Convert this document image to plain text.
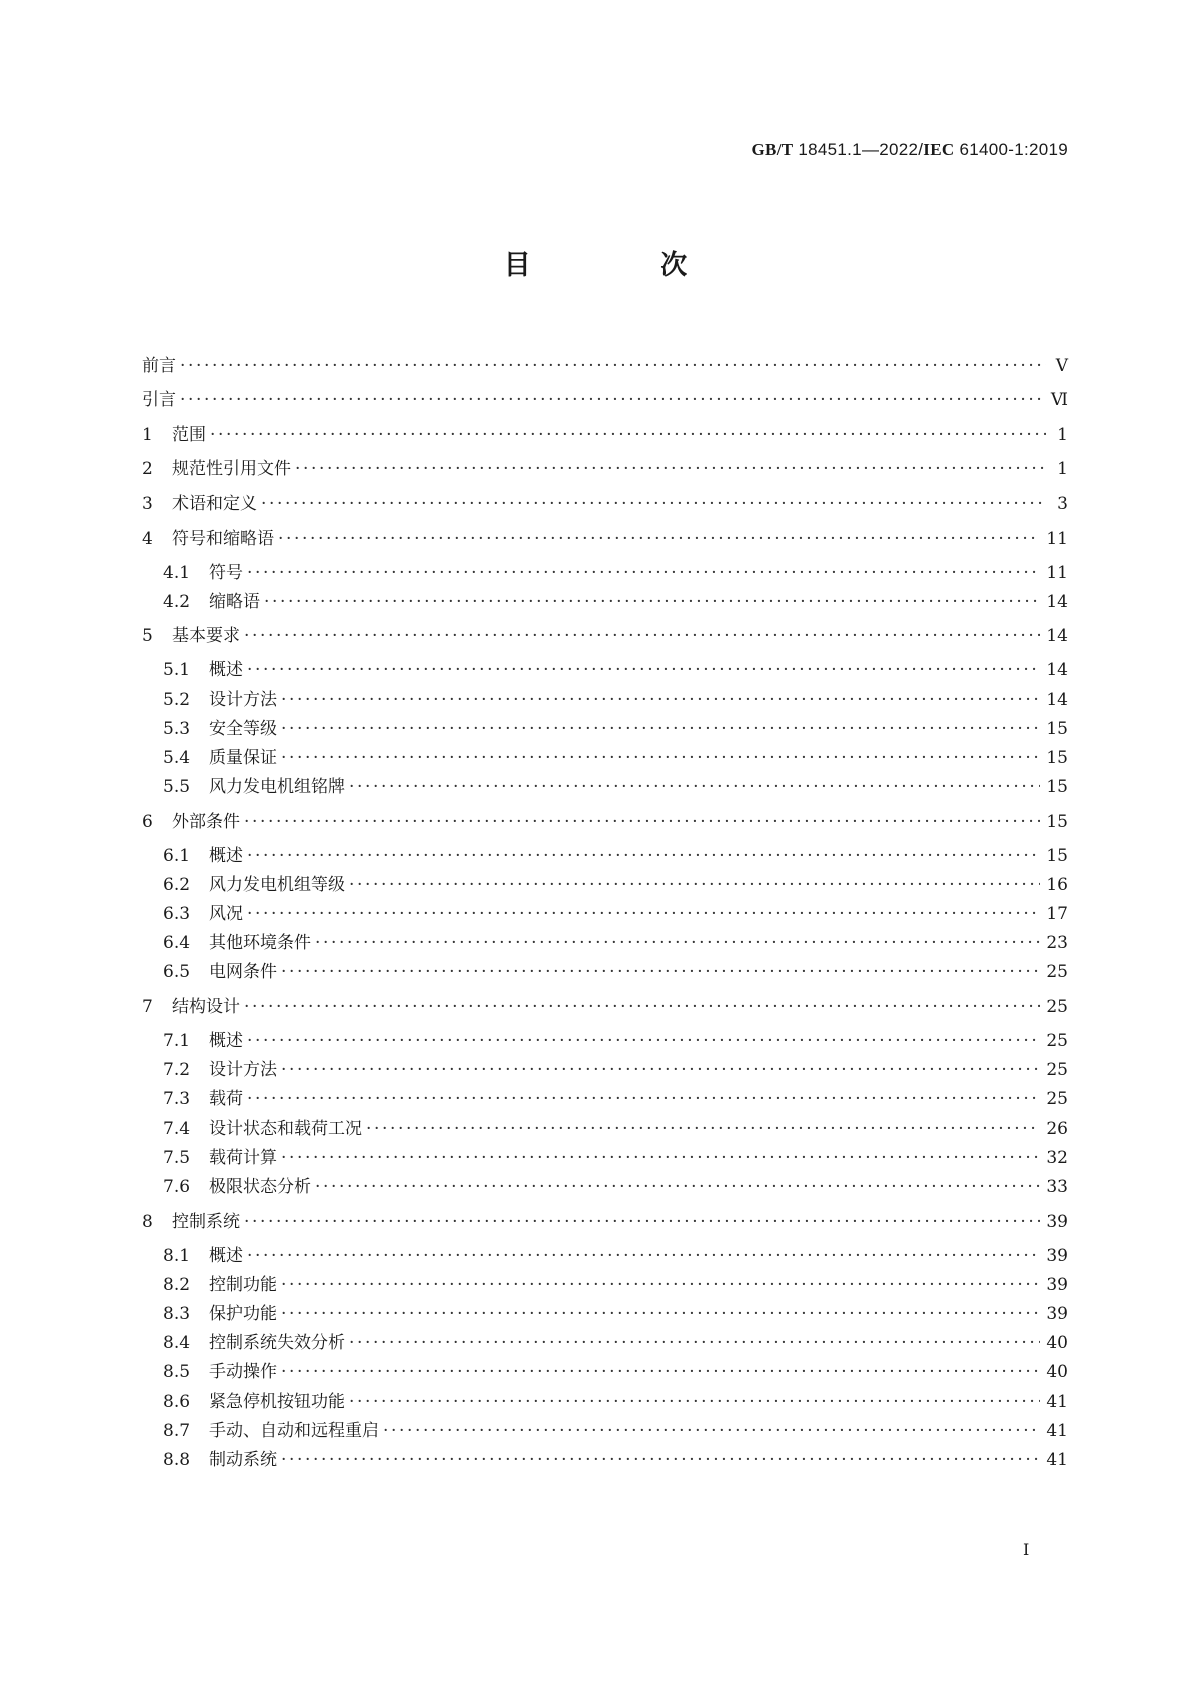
GB/T 18451.1—2022/IEC 61400-1:2019
目 次
前言 ·····	Ⅴ
引言 ·····	Ⅵ
1	范围 ·····	1
2	规范性引用文件 ·····	1
3	术语和定义 ·····	3
4	符号和缩略语 ·····	11
4.1	符号 ·····	11
4.2	缩略语 ·····	14
5	基本要求 ·····	14
5.1	概述 ·····	14
5.2	设计方法 ·····	14
5.3	安全等级 ·····	15
5.4	质量保证 ·····	15
5.5	风力发电机组铭牌 ·····	15
6	外部条件 ·····	15
6.1	概述 ·····	15
6.2	风力发电机组等级 ·····	16
6.3	风况 ·····	17
6.4	其他环境条件 ·····	23
6.5	电网条件 ·····	25
7	结构设计 ·····	25
7.1	概述 ·····	25
7.2	设计方法 ·····	25
7.3	载荷 ·····	25
7.4	设计状态和载荷工况 ·····	26
7.5	载荷计算 ·····	32
7.6	极限状态分析 ·····	33
8	控制系统 ·····	39
8.1	概述 ·····	39
8.2	控制功能 ·····	39
8.3	保护功能 ·····	39
8.4	控制系统失效分析 ·····	40
8.5	手动操作 ·····	40
8.6	紧急停机按钮功能 ·····	41
8.7	手动、自动和远程重启 ·····	41
8.8	制动系统 ·····	41
Ⅰ
